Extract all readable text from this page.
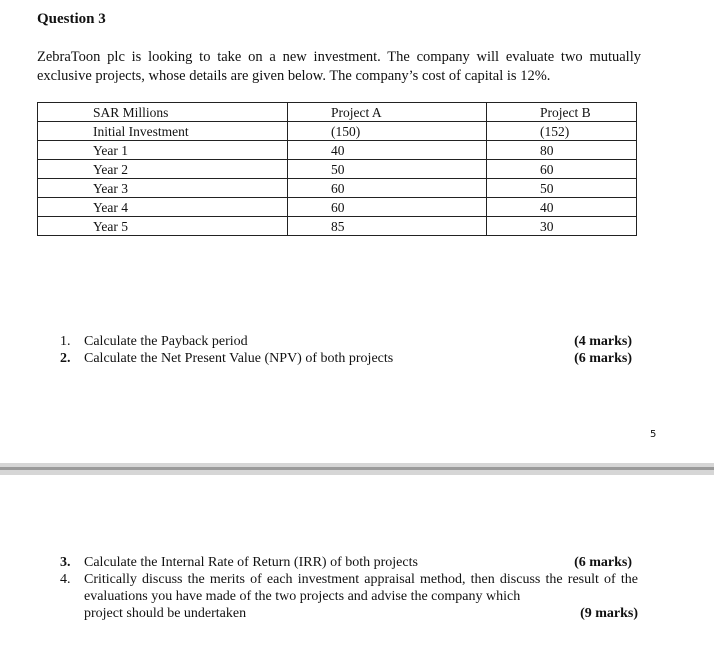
Question 3
ZebraToon plc is looking to take on a new investment. The company will evaluate two mutually exclusive projects, whose details are given below. The company’s cost of capital is 12%.
SAR Millions	Project A	Project B
Initial Investment	(150)	(152)
Year 1	40	80
Year 2	50	60
Year 3	60	50
Year 4	60	40
Year 5	85	30
1. Calculate the Payback period	(4 marks)
2. Calculate the Net Present Value (NPV) of both projects	(6 marks)
5
3. Calculate the Internal Rate of Return (IRR) of both projects	(6 marks)
4. Critically discuss the merits of each investment appraisal method, then discuss the result of the evaluations you have made of the two projects and advise the company which
project should be undertaken	(9 marks)
